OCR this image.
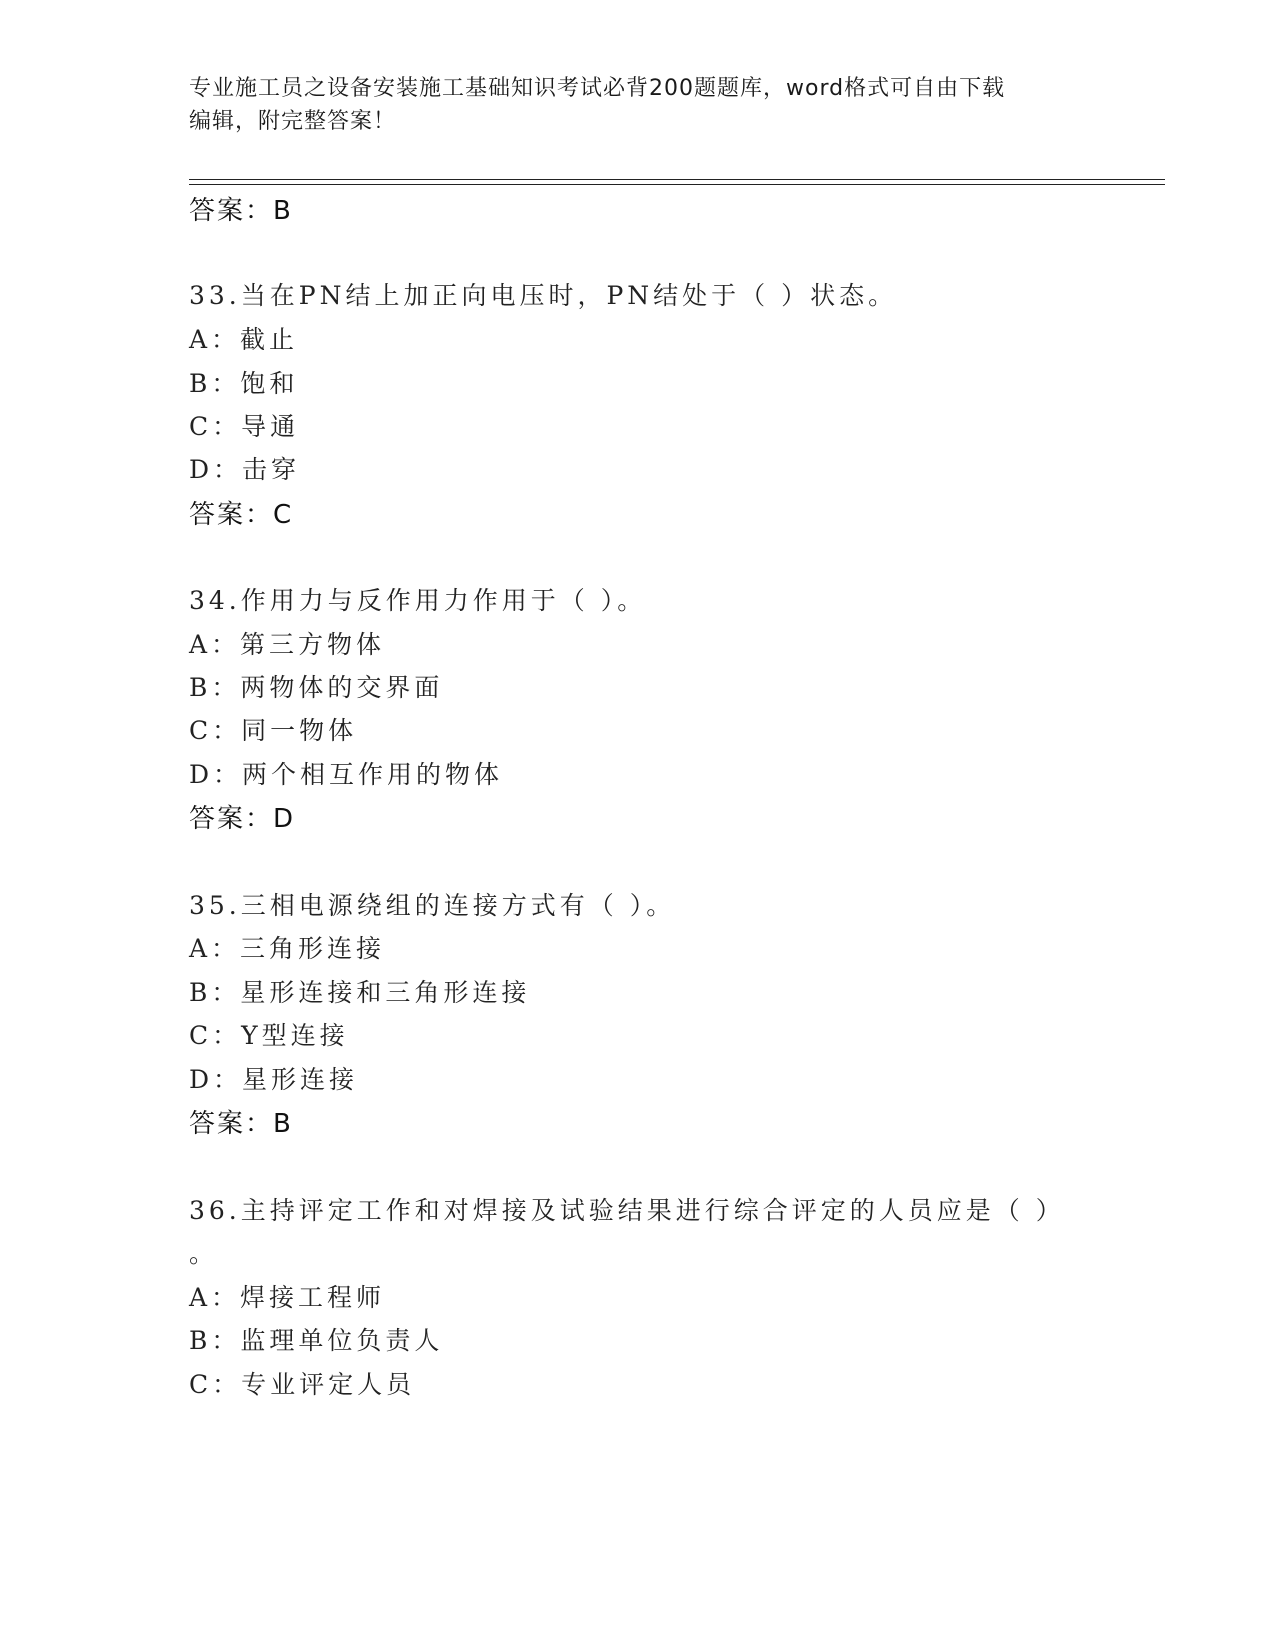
专业施工员之设备安装施工基础知识考试必背200题题库，word格式可自由下载
编辑，附完整答案！
答案：B
33.当在PN结上加正向电压时，PN结处于（ ）状态。
A：截止
B：饱和
C：导通
D：击穿
答案：C
34.作用力与反作用力作用于（ ）。
A：第三方物体
B：两物体的交界面
C：同一物体
D：两个相互作用的物体
答案：D
35.三相电源绕组的连接方式有（ ）。
A：三角形连接
B：星形连接和三角形连接
C：Y型连接
D：星形连接
答案：B
36.主持评定工作和对焊接及试验结果进行综合评定的人员应是（ ）
。
A：焊接工程师
B：监理单位负责人
C：专业评定人员
